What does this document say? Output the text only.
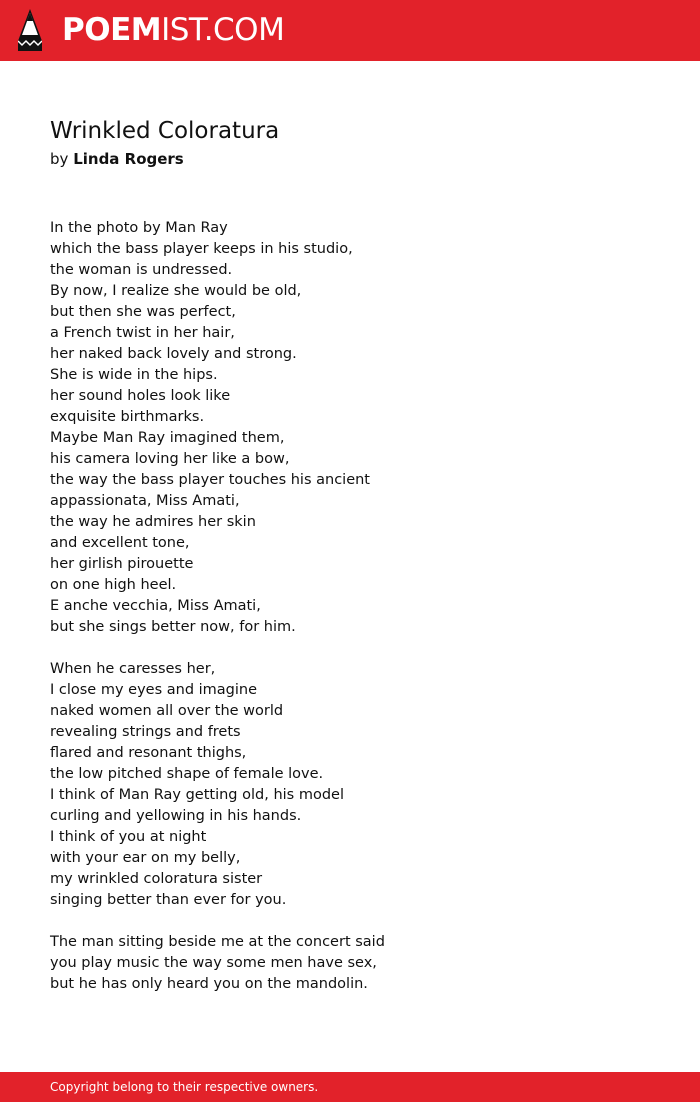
POEMIST.COM
Wrinkled Coloratura
by Linda Rogers
In the photo by Man Ray
which the bass player keeps in his studio,
the woman is undressed.
By now, I realize she would be old,
but then she was perfect,
a French twist in her hair,
her naked back lovely and strong.
She is wide in the hips.
her sound holes look like
exquisite birthmarks.
Maybe Man Ray imagined them,
his camera loving her like a bow,
the way the bass player touches his ancient
appassionata, Miss Amati,
the way he admires her skin
and excellent tone,
her girlish pirouette
on one high heel.
E anche vecchia, Miss Amati,
but she sings better now, for him.
When he caresses her,
I close my eyes and imagine
naked women all over the world
revealing strings and frets
flared and resonant thighs,
the low pitched shape of female love.
I think of Man Ray getting old, his model
curling and yellowing in his hands.
I think of you at night
with your ear on my belly,
my wrinkled coloratura sister
singing better than ever for you.
The man sitting beside me at the concert said
you play music the way some men have sex,
but he has only heard you on the mandolin.
Copyright belong to their respective owners.
